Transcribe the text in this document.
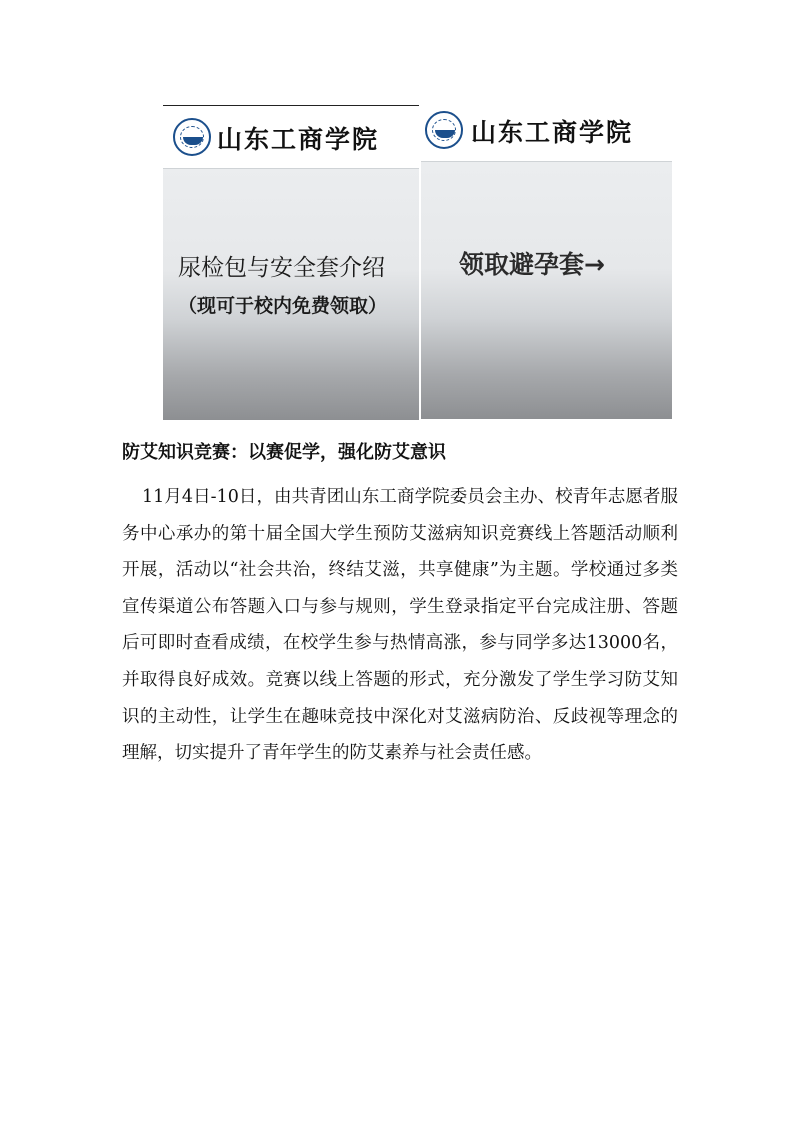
山东工商学院
尿检包与安全套介绍
（现可于校内免费领取）
山东工商学院
领取避孕套→
防艾知识竞赛：以赛促学，强化防艾意识

11月4日-10日，由共青团山东工商学院委员会主办、校青年志愿者服务中心承办的第十届全国大学生预防艾滋病知识竞赛线上答题活动顺利开展，活动以“社会共治，终结艾滋，共享健康”为主题。学校通过多类宣传渠道公布答题入口与参与规则，学生登录指定平台完成注册、答题后可即时查看成绩，在校学生参与热情高涨，参与同学多达13000名，并取得良好成效。竞赛以线上答题的形式，充分激发了学生学习防艾知识的主动性，让学生在趣味竞技中深化对艾滋病防治、反歧视等理念的理解，切实提升了青年学生的防艾素养与社会责任感。
